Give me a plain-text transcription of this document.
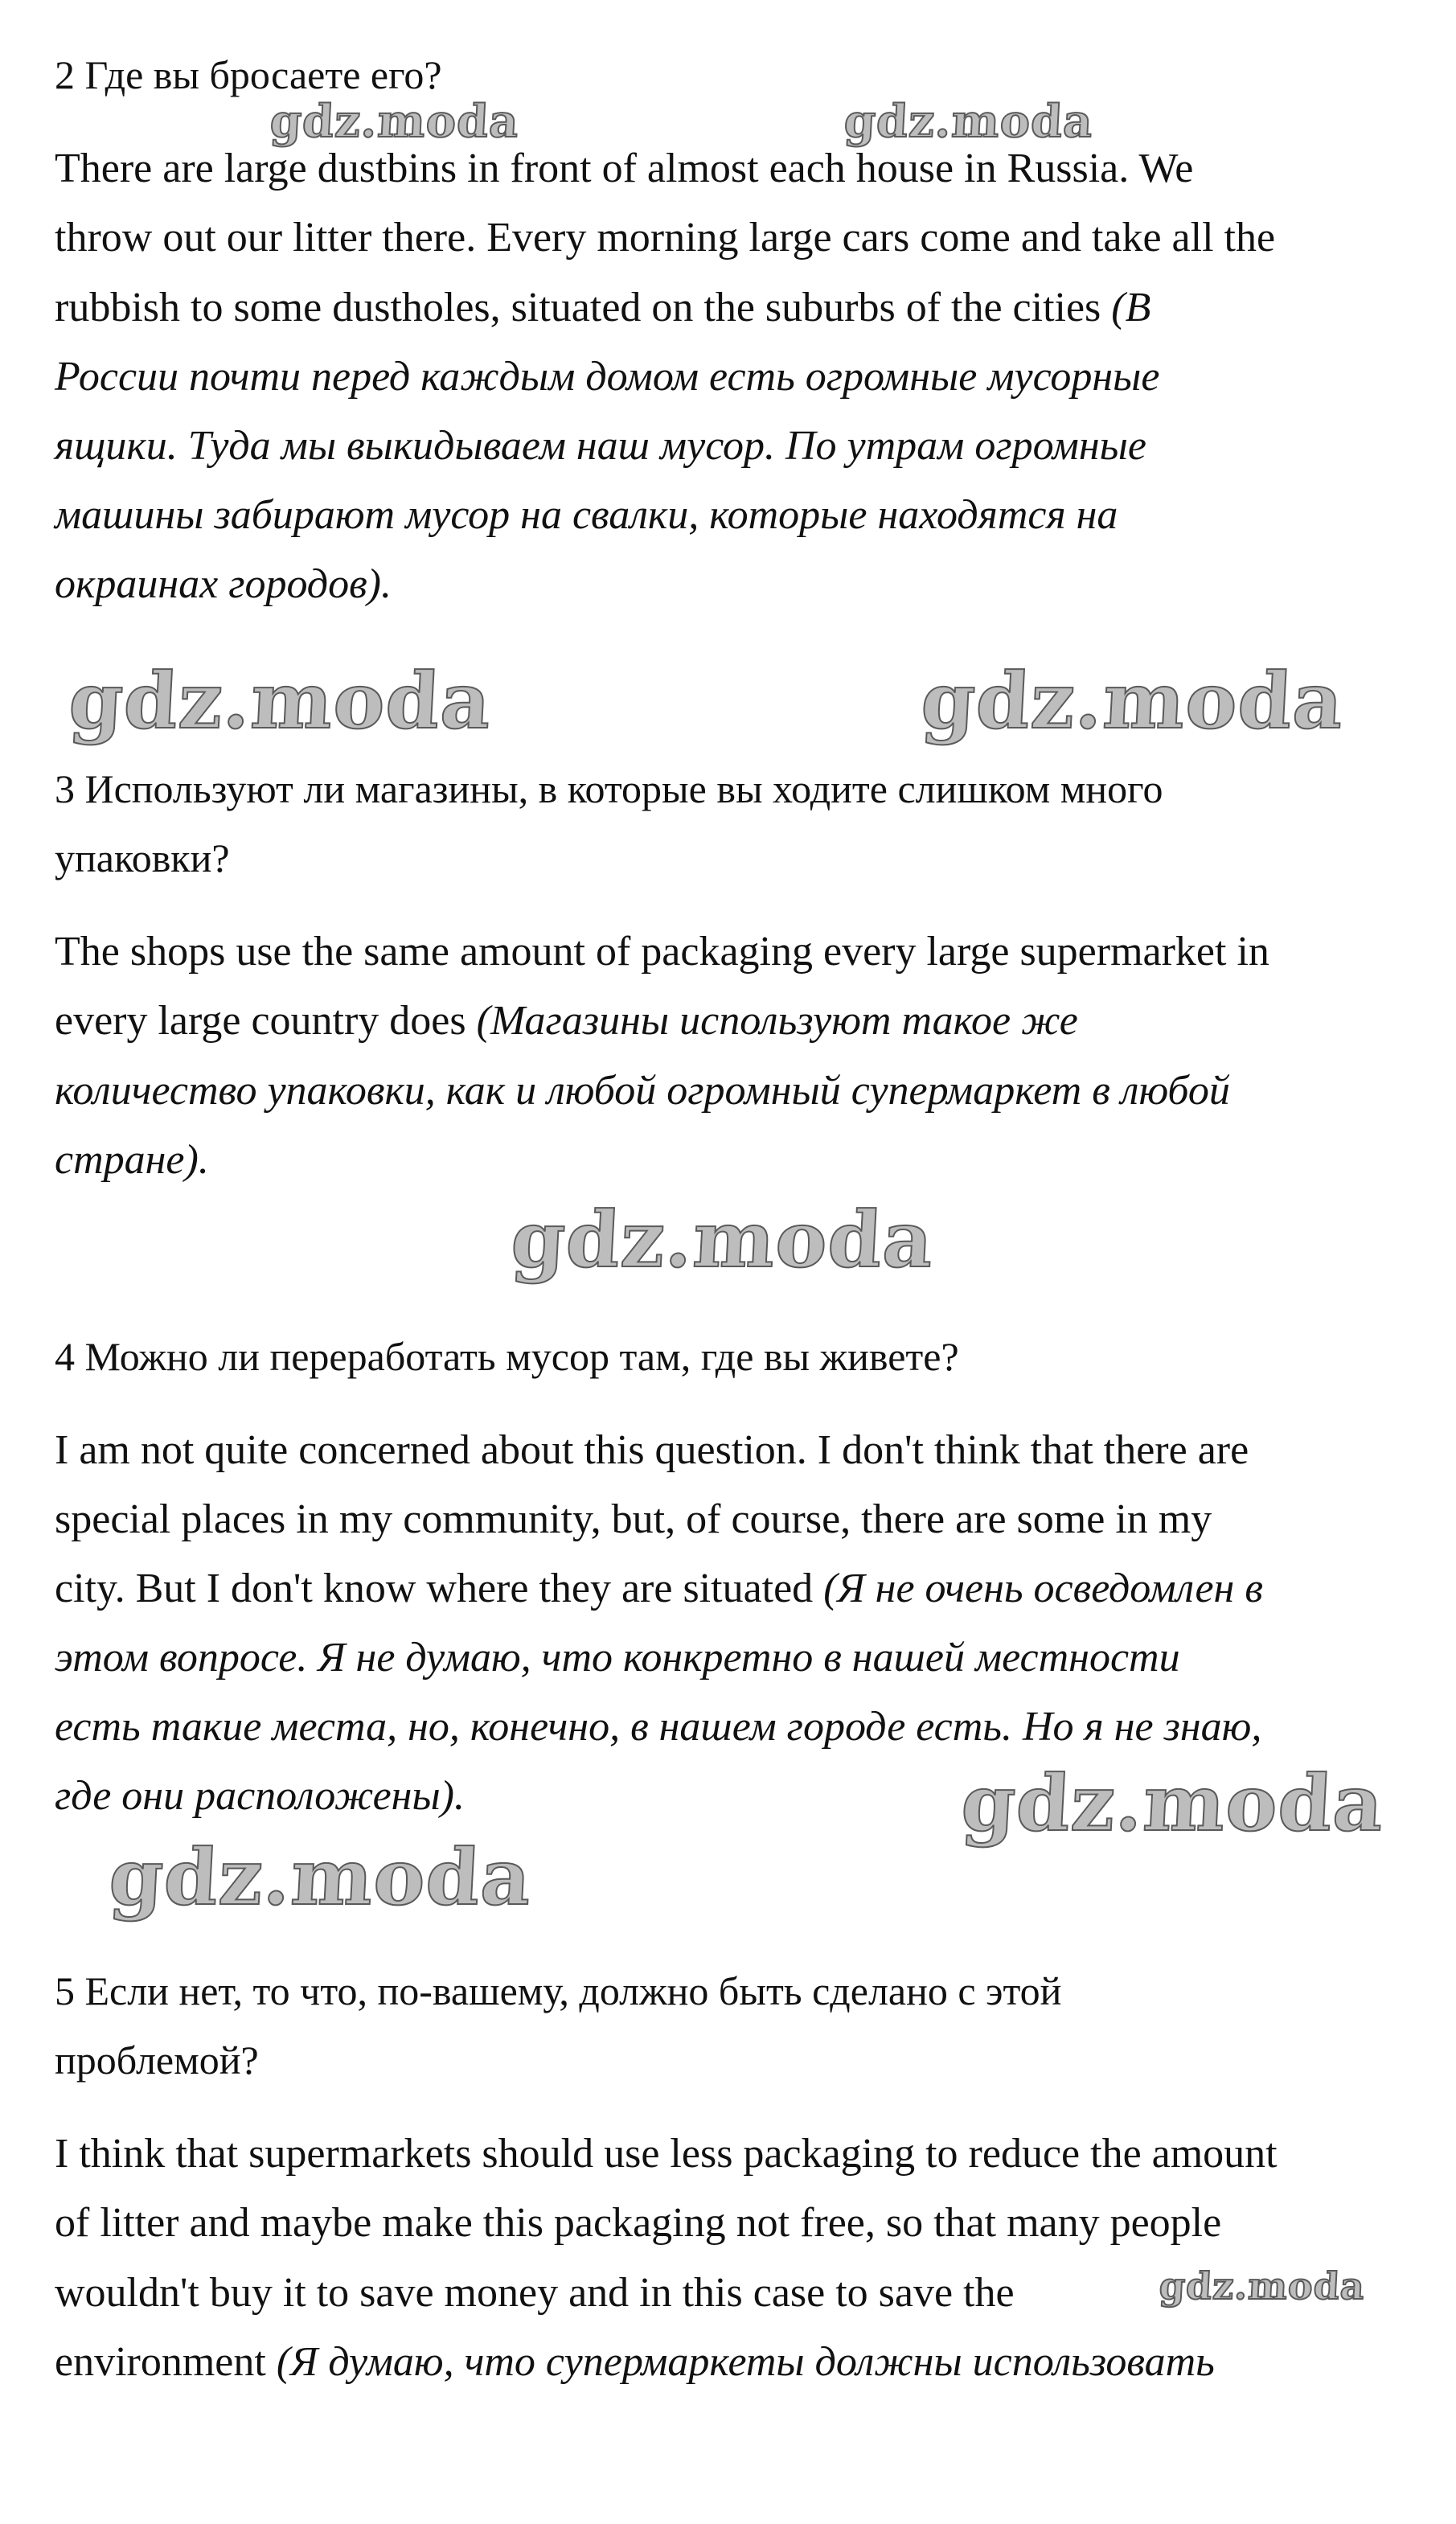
2 Где вы бросаете его?
There are large dustbins in front of almost each house in Russia. We
throw out our litter there. Every morning large cars come and take all the
rubbish to some dustholes, situated on the suburbs of the cities (В
России почти перед каждым домом есть огромные мусорные
ящики. Туда мы выкидываем наш мусор. По утрам огромные
машины забирают мусор на свалки, которые находятся на
окраинах городов).
3 Используют ли магазины, в которые вы ходите слишком много
упаковки?
The shops use the same amount of packaging every large supermarket in
every large country does (Магазины используют такое же
количество упаковки, как и любой огромный супермаркет в любой
стране).
4 Можно ли переработать мусор там, где вы живете?
I am not quite concerned about this question. I don't think that there are
special places in my community, but, of course, there are some in my
city. But I don't know where they are situated (Я не очень осведомлен в
этом вопросе. Я не думаю, что конкретно в нашей местности
есть такие места, но, конечно, в нашем городе есть. Но я не знаю,
где они расположены).
5 Если нет, то что, по-вашему, должно быть сделано с этой
проблемой?
I think that supermarkets should use less packaging to reduce the amount
of litter and maybe make this packaging not free, so that many people
wouldn't buy it to save money and in this case to save the
environment (Я думаю, что супермаркеты должны использовать
gdz.moda	gdz.moda
gdz.moda	gdz.moda
gdz.moda
gdz.moda
gdz.moda
gdz.moda
